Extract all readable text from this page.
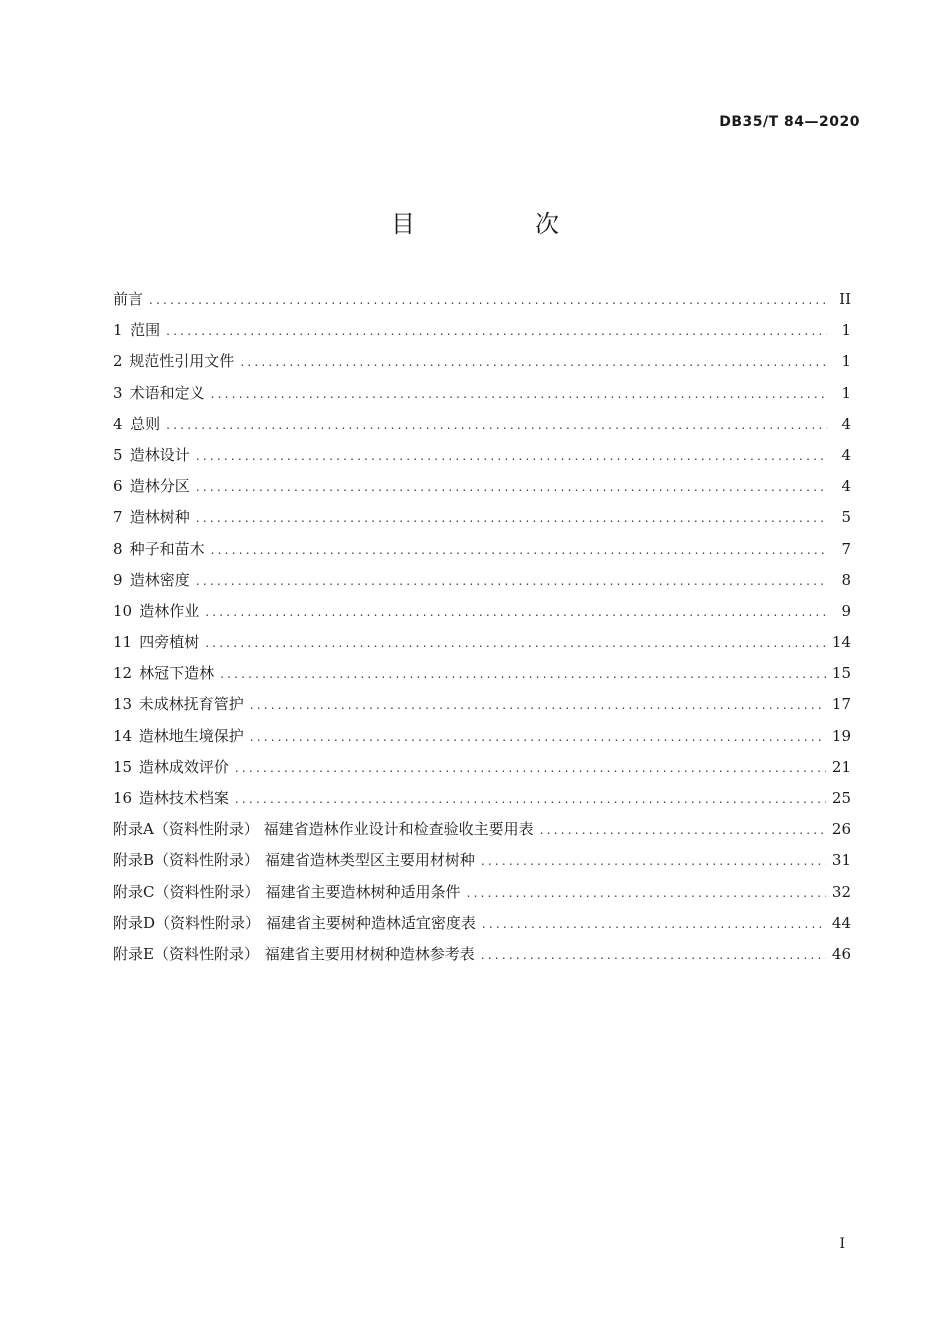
DB35/T 84—2020
目　次
前言 .....	II
1 范围 .....	1
2 规范性引用文件 .....	1
3 术语和定义 .....	1
4 总则 .....	4
5 造林设计 .....	4
6 造林分区 .....	4
7 造林树种 .....	5
8 种子和苗木 .....	7
9 造林密度 .....	8
10 造林作业 .....	9
11 四旁植树 .....	14
12 林冠下造林 .....	15
13 未成林抚育管护 .....	17
14 造林地生境保护 .....	19
15 造林成效评价 .....	21
16 造林技术档案 .....	25
附录A（资料性附录） 福建省造林作业设计和检查验收主要用表 .....	26
附录B（资料性附录） 福建省造林类型区主要用材树种 .....	31
附录C（资料性附录） 福建省主要造林树种适用条件 .....	32
附录D（资料性附录） 福建省主要树种造林适宜密度表 .....	44
附录E（资料性附录） 福建省主要用材树种造林参考表 .....	46
I
